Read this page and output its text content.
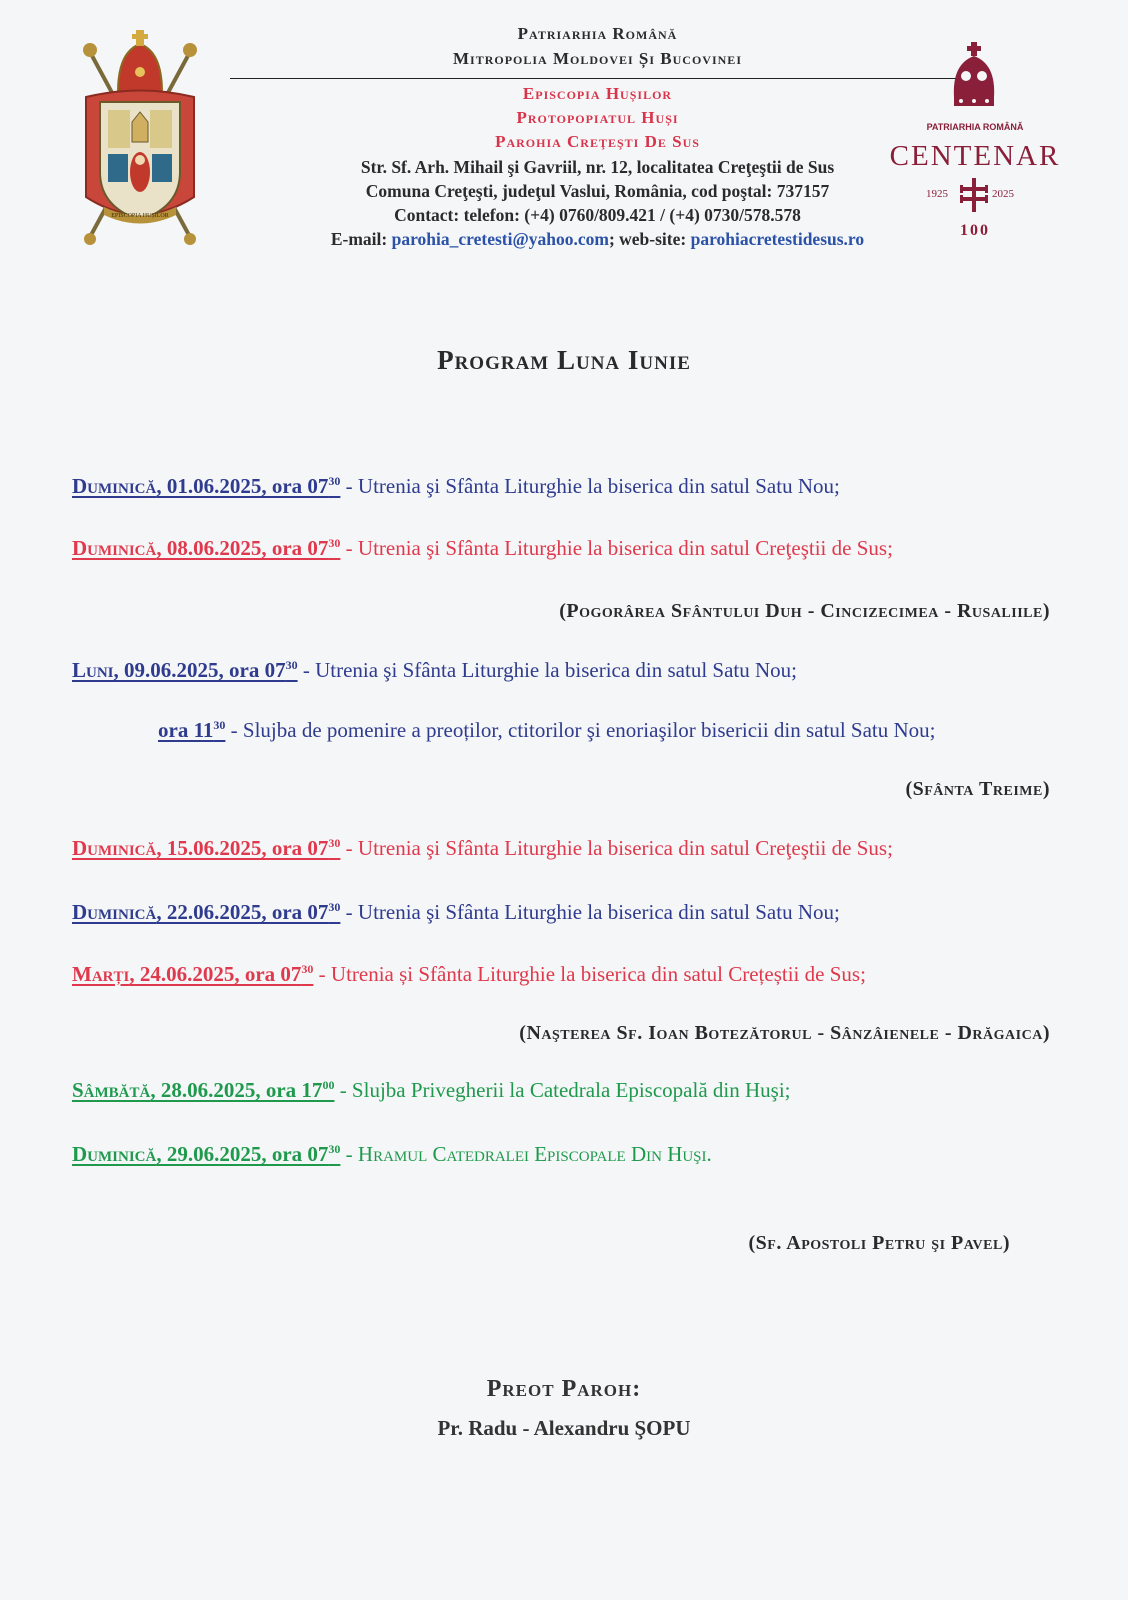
EPISCOPIA HUȘILOR
Patriarhia Română
Mitropolia Moldovei Și Bucovinei
Episcopia Hușilor
Protopopiatul Huși
Parohia Creţeşti De Sus
Str. Sf. Arh. Mihail şi Gavriil, nr. 12, localitatea Creţeştii de Sus
Comuna Creţeşti, judeţul Vaslui, România, cod poştal: 737157
Contact: telefon: (+4) 0760/809.421 / (+4) 0730/578.578
E-mail: parohia_cretesti@yahoo.com; web-site: parohiacretestidesus.ro
PATRIARHIA ROMÂNĂ
CENTENAR
1925	2025
100
Program Luna Iunie
Duminică, 01.06.2025, ora $07^{30}$ - Utrenia şi Sfânta Liturghie la biserica din satul Satu Nou;
Duminică, 08.06.2025, ora $07^{30}$ - Utrenia şi Sfânta Liturghie la biserica din satul Creţeştii de Sus;
(Pogorârea Sfântului Duh - Cincizecimea - Rusaliile)
Luni, 09.06.2025, ora $07^{30}$ - Utrenia şi Sfânta Liturghie la biserica din satul Satu Nou;
ora $11^{30}$ - Slujba de pomenire a preoților, ctitorilor şi enoriaşilor bisericii din satul Satu Nou;
(Sfânta Treime)
Duminică, 15.06.2025, ora $07^{30}$ - Utrenia şi Sfânta Liturghie la biserica din satul Creţeştii de Sus;
Duminică, 22.06.2025, ora $07^{30}$ - Utrenia şi Sfânta Liturghie la biserica din satul Satu Nou;
Marți, 24.06.2025, ora $07^{30}$ - Utrenia și Sfânta Liturghie la biserica din satul Crețeștii de Sus;
(Naşterea Sf. Ioan Botezătorul - Sânzâienele - Drăgaica)
Sâmbătă, 28.06.2025, ora $17^{00}$ - Slujba Privegherii la Catedrala Episcopală din Huşi;
Duminică, 29.06.2025, ora $07^{30}$ - Hramul Catedralei Episcopale Din Huşi.
(Sf. Apostoli Petru şi Pavel)
Preot Paroh:
Pr. Radu - Alexandru ŞOPU
